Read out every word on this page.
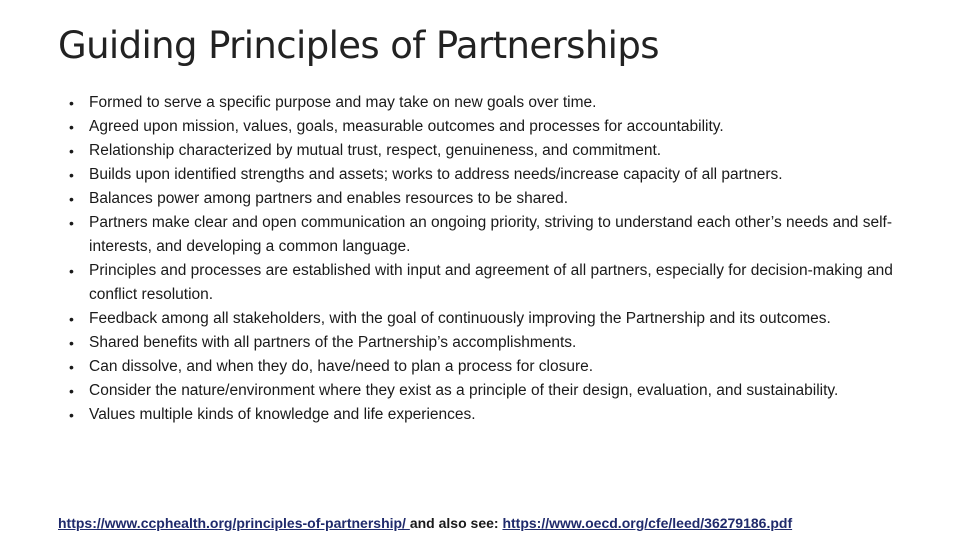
Guiding Principles of Partnerships
• Formed to serve a specific purpose and may take on new goals over time.
• Agreed upon mission, values, goals, measurable outcomes and processes for accountability.
• Relationship characterized by mutual trust, respect, genuineness, and commitment.
• Builds upon identified strengths and assets; works to address needs/increase capacity of all partners.
• Balances power among partners and enables resources to be shared.
• Partners make clear and open communication an ongoing priority, striving to understand each other’s needs and self-interests, and developing a common language.
• Principles and processes are established with input and agreement of all partners, especially for decision-making and conflict resolution.
• Feedback among all stakeholders, with the goal of continuously improving the Partnership and its outcomes.
• Shared benefits with all partners of the Partnership’s accomplishments.
• Can dissolve, and when they do, have/need to plan a process for closure.
• Consider the nature/environment where they exist as a principle of their design, evaluation, and sustainability.
• Values multiple kinds of knowledge and life experiences.
https://www.ccphealth.org/principles-of-partnership/ and also see: https://www.oecd.org/cfe/leed/36279186.pdf
